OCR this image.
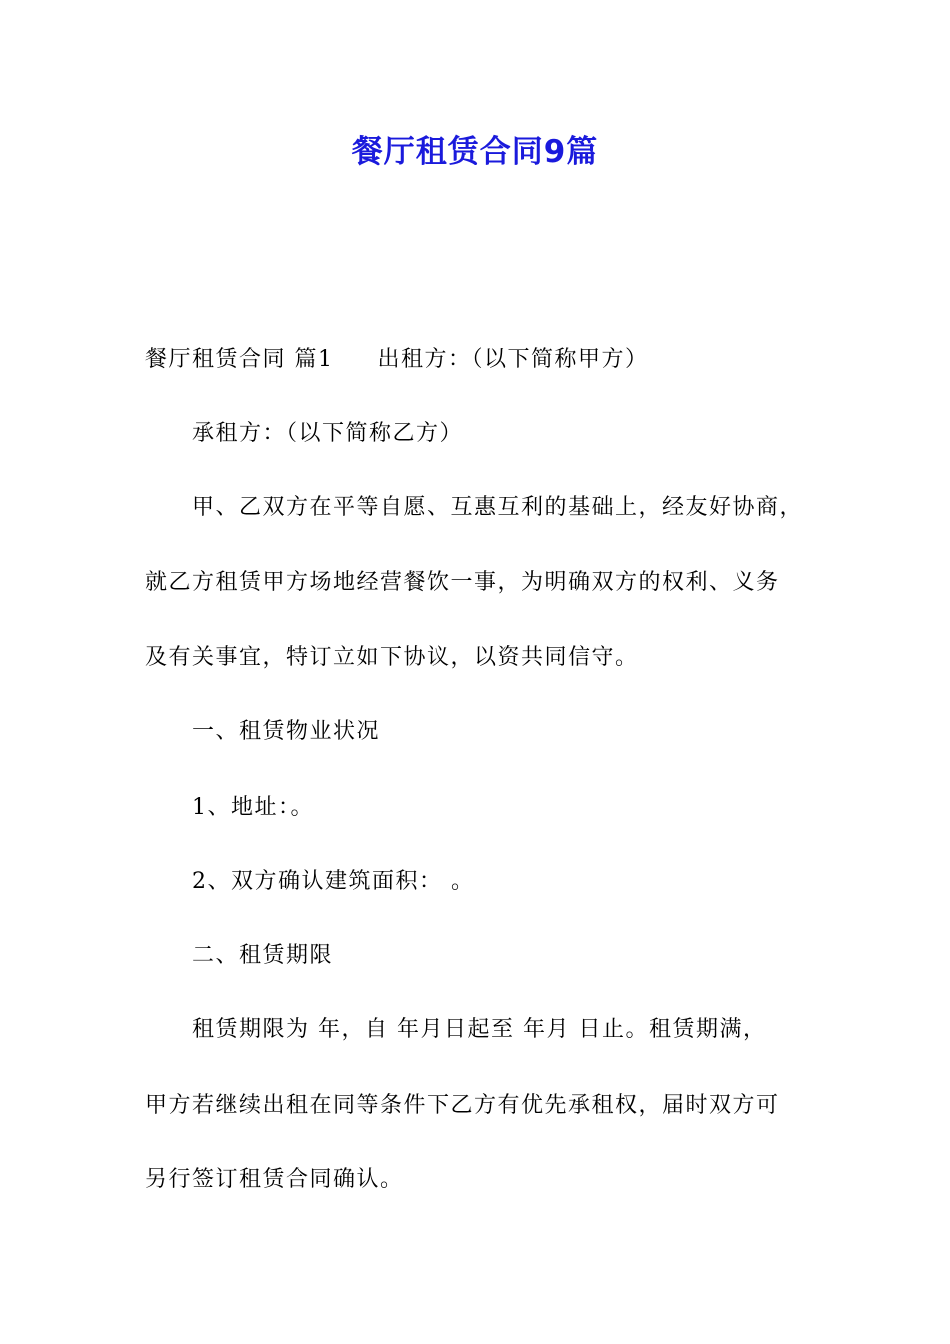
餐厅租赁合同9篇
餐厅租赁合同 篇1 出租方：（以下简称甲方）
承租方：（以下简称乙方）
甲、乙双方在平等自愿、互惠互利的基础上，经友好协商，
就乙方租赁甲方场地经营餐饮一事，为明确双方的权利、义务
及有关事宜，特订立如下协议，以资共同信守。
一、租赁物业状况
1、地址：。
2、双方确认建筑面积： 。
二、租赁期限
租赁期限为 年，自 年月日起至 年月 日止。租赁期满，
甲方若继续出租在同等条件下乙方有优先承租权，届时双方可
另行签订租赁合同确认。
